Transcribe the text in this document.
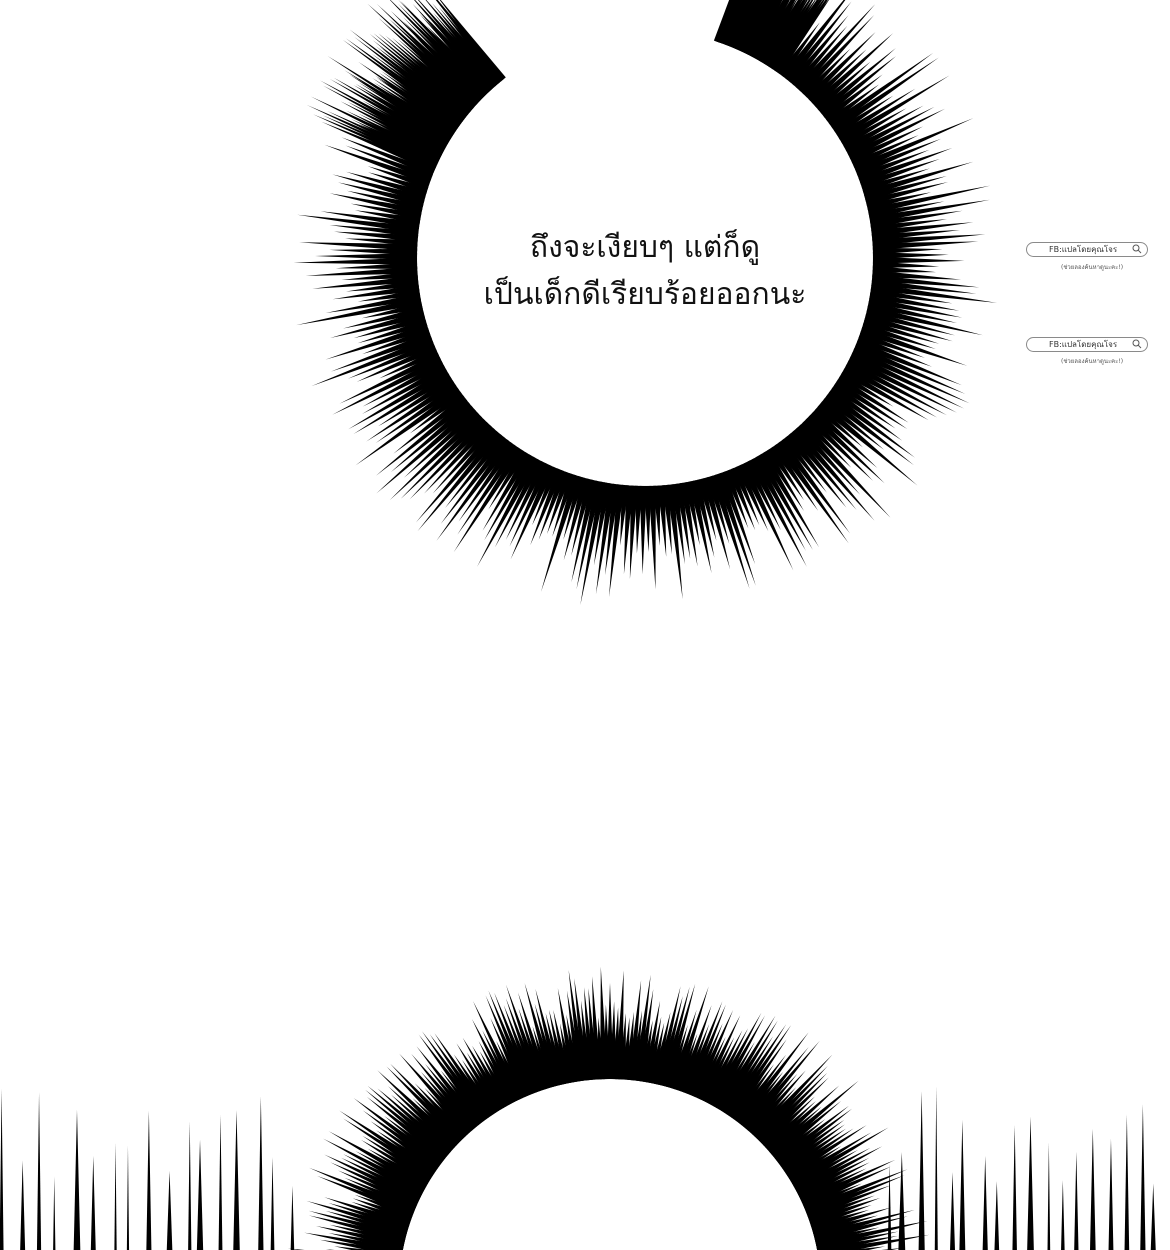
ถึงจะเงียบๆ แต่ก็ดู
เป็นเด็กดีเรียบร้อยออกนะ
FB:แปลโดยคุณโจร
(ช่วยลองค้นหาดูนะคะ!)
FB:แปลโดยคุณโจร
(ช่วยลองค้นหาดูนะคะ!)
